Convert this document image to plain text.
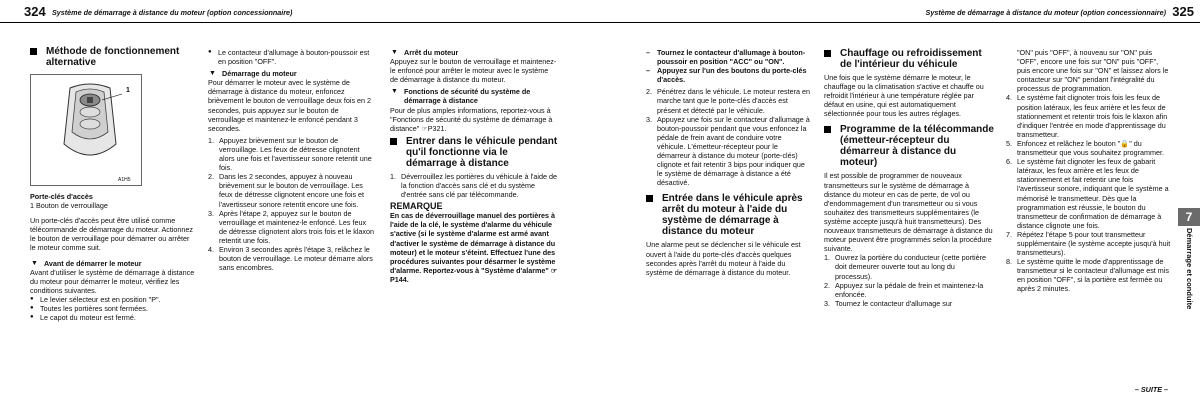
324 Système de démarrage à distance du moteur (option concessionnaire)
Méthode de fonctionnement alternative
1
A1H5

Porte-clés d'accès

1 Bouton de verrouillage

Un porte-clés d'accès peut être utilisé comme télécommande de démarrage du moteur. Actionnez le bouton de verrouillage pour démarrer ou arrêter le moteur comme suit.

▼ Avant de démarrer le moteur

Avant d'utiliser le système de démarrage à distance du moteur pour démarrer le moteur, vérifiez les conditions suivantes.

● Le levier sélecteur est en position "P".
● Toutes les portières sont fermées.
● Le capot du moteur est fermé.
● Le contacteur d'allumage à bouton-poussoir est en position "OFF".
▼ Démarrage du moteur

Pour démarrer le moteur avec le système de démarrage à distance du moteur, enfoncez brièvement le bouton de verrouillage deux fois en 2 secondes, puis appuyez sur le bouton de verrouillage et maintenez-le enfoncé pendant 3 secondes.

1. Appuyez brièvement sur le bouton de verrouillage. Les feux de détresse clignotent alors une fois et l'avertisseur sonore retentit une fois.
2. Dans les 2 secondes, appuyez à nouveau brièvement sur le bouton de verrouillage. Les feux de détresse clignotent encore une fois et l'avertisseur sonore retentit encore une fois.
3. Après l'étape 2, appuyez sur le bouton de verrouillage et maintenez-le enfoncé. Les feux de détresse clignotent alors trois fois et le klaxon retentit une fois.
4. Environ 3 secondes après l'étape 3, relâchez le bouton de verrouillage. Le moteur démarre alors sans encombres.
▼ Arrêt du moteur

Appuyez sur le bouton de verrouillage et maintenez-le enfoncé pour arrêter le moteur avec le système de démarrage à distance du moteur.

▼ Fonctions de sécurité du système de démarrage à distance

Pour de plus amples informations, reportez-vous à "Fonctions de sécurité du système de démarrage à distance" ☞P321.

Entrer dans le véhicule pendant qu'il fonctionne via le démarrage à distance
1. Déverrouillez les portières du véhicule à l'aide de la fonction d'accès sans clé et du système d'entrée sans clé par télécommande.
REMARQUE

En cas de déverrouillage manuel des portières à l'aide de la clé, le système d'alarme du véhicule s'active (si le système d'alarme est armé avant d'activer le système de démarrage à distance du moteur) et le moteur s'éteint. Effectuez l'une des procédures suivantes pour désarmer le système d'alarme. Reportez-vous à "Système d'alarme" ☞P144.

Système de démarrage à distance du moteur (option concessionnaire) 325
– Tournez le contacteur d'allumage à bouton-poussoir en position "ACC" ou "ON".
– Appuyez sur l'un des boutons du porte-clés d'accès.
2. Pénétrez dans le véhicule. Le moteur restera en marche tant que le porte-clés d'accès est présent et détecté par le véhicule.
3. Appuyez une fois sur le contacteur d'allumage à bouton-poussoir pendant que vous enfoncez la pédale de frein avant de conduire votre véhicule. L'émetteur-récepteur pour le démarreur à distance du moteur (porte-clés) clignote et fait retentir 3 bips pour indiquer que le système de démarrage à distance a été désactivé.
Entrée dans le véhicule après arrêt du moteur à l'aide du système de démarrage à distance du moteur

Une alarme peut se déclencher si le véhicule est ouvert à l'aide du porte-clés d'accès quelques secondes après l'arrêt du moteur à l'aide du système de démarrage à distance du moteur.

Chauffage ou refroidissement de l'intérieur du véhicule

Une fois que le système démarre le moteur, le chauffage ou la climatisation s'active et chauffe ou refroidit l'intérieur à une température réglée par défaut en usine, qui est automatiquement sélectionnée pour tous les autres réglages.

Programme de la télécommande (émetteur-récepteur du démarreur à distance du moteur)

Il est possible de programmer de nouveaux transmetteurs sur le système de démarrage à distance du moteur en cas de perte, de vol ou d'endommagement d'un transmetteur ou si vous souhaitez des transmetteurs supplémentaires (le système accepte jusqu'à huit transmetteurs). Des nouveaux transmetteurs de démarrage à distance du moteur peuvent être programmés selon la procédure suivante.

1. Ouvrez la portière du conducteur (cette portière doit demeurer ouverte tout au long du processus).
2. Appuyez sur la pédale de frein et maintenez-la enfoncée.
3. Tournez le contacteur d'allumage sur

"ON" puis "OFF", à nouveau sur "ON" puis "OFF", encore une fois sur "ON" puis "OFF", puis encore une fois sur "ON" et laissez alors le contacteur sur "ON" pendant l'intégralité du processus de programmation.

4. Le système fait clignoter trois fois les feux de position latéraux, les feux arrière et les feux de stationnement et retentir trois fois le klaxon afin d'indiquer l'entrée en mode d'apprentissage du transmetteur.
5. Enfoncez et relâchez le bouton "🔒" du transmetteur que vous souhaitez programmer.
6. Le système fait clignoter les feux de gabarit latéraux, les feux arrière et les feux de stationnement et fait retentir une fois l'avertisseur sonore, indiquant que le système a mémorisé le transmetteur. Dès que la programmation est réussie, le bouton du transmetteur de confirmation de démarrage à distance clignote une fois.
7. Répétez l'étape 5 pour tout transmetteur supplémentaire (le système accepte jusqu'à huit transmetteurs).
8. Le système quitte le mode d'apprentissage de transmetteur si le contacteur d'allumage est mis en position "OFF", si la portière est fermée ou après 2 minutes.
7
Démarrage et conduite
– SUITE –
